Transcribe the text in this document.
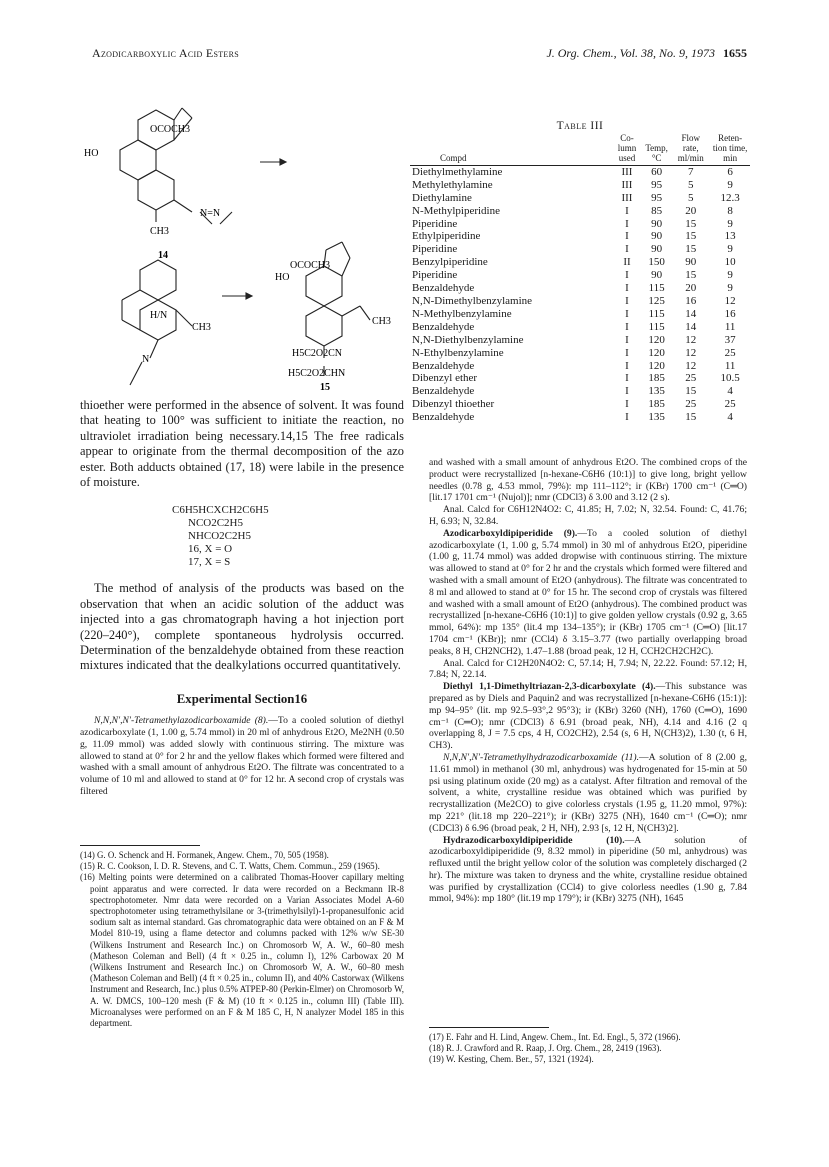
Azodicarboxylic Acid Esters	J. Org. Chem., Vol. 38, No. 9, 1973 1655
OCOCH3
HO
CH3
N=N
14
H/N
CH3
N
HO
OCOCH3
CH3
H5C2O2CN
H5C2O2CHN
15
Table III				
Compd	Co-lumn used	Temp, °C	Flow rate, ml/min	Reten-tion time, min

Diethylmethylamine	III	60	7	6
Methylethylamine	III	95	5	9
Diethylamine	III	95	5	12.3
N-Methylpiperidine	I	85	20	8
Piperidine	I	90	15	9
Ethylpiperidine	I	90	15	13
Piperidine	I	90	15	9
Benzylpiperidine	II	150	90	10
Piperidine	I	90	15	9
Benzaldehyde	I	115	20	9
N,N-Dimethylbenzylamine	I	125	16	12
N-Methylbenzylamine	I	115	14	16
Benzaldehyde	I	115	14	11
N,N-Diethylbenzylamine	I	120	12	37
N-Ethylbenzylamine	I	120	12	25
Benzaldehyde	I	120	12	11
Dibenzyl ether	I	185	25	10.5
Benzaldehyde	I	135	15	4
Dibenzyl thioether	I	185	25	25
Benzaldehyde	I	135	15	4

thioether were performed in the absence of solvent. It was found that heating to 100° was sufficient to initiate the reaction, no ultraviolet irradiation being necessary.14,15 The free radicals appear to originate from the thermal decomposition of the azo ester. Both adducts obtained (17, 18) were labile in the presence of moisture.

C6H5HCXCH2C6H5
NCO2C2H5
NHCO2C2H5
16, X = O
17, X = S

The method of analysis of the products was based on the observation that when an acidic solution of the adduct was injected into a gas chromatograph having a hot injection port (220–240°), complete spontaneous hydrolysis occurred. Determination of the benzaldehyde obtained from these reaction mixtures indicated that the dealkylations occurred quantitatively.

Experimental Section16

N,N,N′,N′-Tetramethylazodicarboxamide (8).—To a cooled solution of diethyl azodicarboxylate (1, 1.00 g, 5.74 mmol) in 20 ml of anhydrous Et2O, Me2NH (0.50 g, 11.09 mmol) was added slowly with continuous stirring. The mixture was allowed to stand at 0° for 2 hr and the yellow flakes which formed were filtered and washed with a small amount of anhydrous Et2O. The filtrate was concentrated to a volume of 10 ml and allowed to stand at 0° for 12 hr. A second crop of crystals was filtered

(14) G. O. Schenck and H. Formanek, Angew. Chem., 70, 505 (1958).

(15) R. C. Cookson, I. D. R. Stevens, and C. T. Watts, Chem. Commun., 259 (1965).

(16) Melting points were determined on a calibrated Thomas-Hoover capillary melting point apparatus and were corrected. Ir data were recorded on a Beckmann IR-8 spectrophotometer. Nmr data were recorded on a Varian Associates Model A-60 spectrophotometer using tetramethylsilane or 3-(trimethylsilyl)-1-propanesulfonic acid sodium salt as internal standard. Gas chromatographic data were obtained on an F & M Model 810-19, using a flame detector and columns packed with 12% w/w SE-30 (Wilkens Instrument and Research Inc.) on Chromosorb W, A. W., 60–80 mesh (Matheson Coleman and Bell) (4 ft × 0.25 in., column I), 12% Carbowax 20 M (Wilkens Instrument and Research Inc.) on Chromosorb W, A. W., 60–80 mesh (Matheson Coleman and Bell) (4 ft × 0.25 in., column II), and 40% Castorwax (Wilkens Instrument and Research, Inc.) plus 0.5% ATPEP-80 (Perkin-Elmer) on Chromosorb W, A. W. DMCS, 100–120 mesh (F & M) (10 ft × 0.125 in., column III) (Table III). Microanalyses were performed on an F & M 185 C, H, N analyzer Model 185 in this department.

and washed with a small amount of anhydrous Et2O. The combined crops of the product were recrystallized [n-hexane-C6H6 (10:1)] to give long, bright yellow needles (0.78 g, 4.53 mmol, 79%): mp 111–112°; ir (KBr) 1700 cm⁻¹ (C═O) [lit.17 1701 cm⁻¹ (Nujol)]; nmr (CDCl3) δ 3.00 and 3.12 (2 s).

Anal. Calcd for C6H12N4O2: C, 41.85; H, 7.02; N, 32.54. Found: C, 41.76; H, 6.93; N, 32.84.

Azodicarboxyldipiperidide (9).—To a cooled solution of diethyl azodicarboxylate (1, 1.00 g, 5.74 mmol) in 30 ml of anhydrous Et2O, piperidine (1.00 g, 11.74 mmol) was added dropwise with continuous stirring. The mixture was allowed to stand at 0° for 2 hr and the crystals which formed were filtered and washed with a small amount of Et2O (anhydrous). The filtrate was concentrated to 8 ml and allowed to stand at 0° for 15 hr. The second crop of crystals was filtered and washed with a small amount of Et2O (anhydrous). The combined product was recrystallized [n-hexane-C6H6 (10:1)] to give golden yellow crystals (0.92 g, 3.65 mmol, 64%): mp 135° (lit.4 mp 134–135°); ir (KBr) 1705 cm⁻¹ (C═O) [lit.17 1704 cm⁻¹ (KBr)]; nmr (CCl4) δ 3.15–3.77 (two partially overlapping broad peaks, 8 H, CH2NCH2), 1.47–1.88 (broad peak, 12 H, CCH2CH2CH2C).

Anal. Calcd for C12H20N4O2: C, 57.14; H, 7.94; N, 22.22. Found: 57.12; H, 7.84; N, 22.14.

Diethyl 1,1-Dimethyltriazan-2,3-dicarboxylate (4).—This substance was prepared as by Diels and Paquin2 and was recrystallized [n-hexane-C6H6 (15:1)]: mp 94–95° (lit. mp 92.5–93°,2 95°3); ir (KBr) 3260 (NH), 1760 (C═O), 1690 cm⁻¹ (C═O); nmr (CDCl3) δ 6.91 (broad peak, NH), 4.14 and 4.16 (2 q overlapping 8, J = 7.5 cps, 4 H, CO2CH2), 2.54 (s, 6 H, N(CH3)2), 1.30 (t, 6 H, CH3).

N,N,N′,N′-Tetramethylhydrazodicarboxamide (11).—A solution of 8 (2.00 g, 11.61 mmol) in methanol (30 ml, anhydrous) was hydrogenated for 15-min at 50 psi using platinum oxide (20 mg) as a catalyst. After filtration and removal of the solvent, a white, crystalline residue was obtained which was purified by recrystallization (Me2CO) to give colorless crystals (1.95 g, 11.20 mmol, 97%): mp 221° (lit.18 mp 220–221°); ir (KBr) 3275 (NH), 1640 cm⁻¹ (C═O); nmr (CDCl3) δ 6.96 (broad peak, 2 H, NH), 2.93 [s, 12 H, N(CH3)2].

Hydrazodicarboxyldipiperidide (10).—A solution of azodicarboxyldipiperidide (9, 8.32 mmol) in piperidine (50 ml, anhydrous) was refluxed until the bright yellow color of the solution was completely discharged (2 hr). The mixture was taken to dryness and the white, crystalline residue obtained was purified by crystallization (CCl4) to give colorless needles (1.90 g, 7.84 mmol, 94%): mp 180° (lit.19 mp 179°); ir (KBr) 3275 (NH), 1645

(17) E. Fahr and H. Lind, Angew. Chem., Int. Ed. Engl., 5, 372 (1966).

(18) R. J. Crawford and R. Raap, J. Org. Chem., 28, 2419 (1963).

(19) W. Kesting, Chem. Ber., 57, 1321 (1924).
